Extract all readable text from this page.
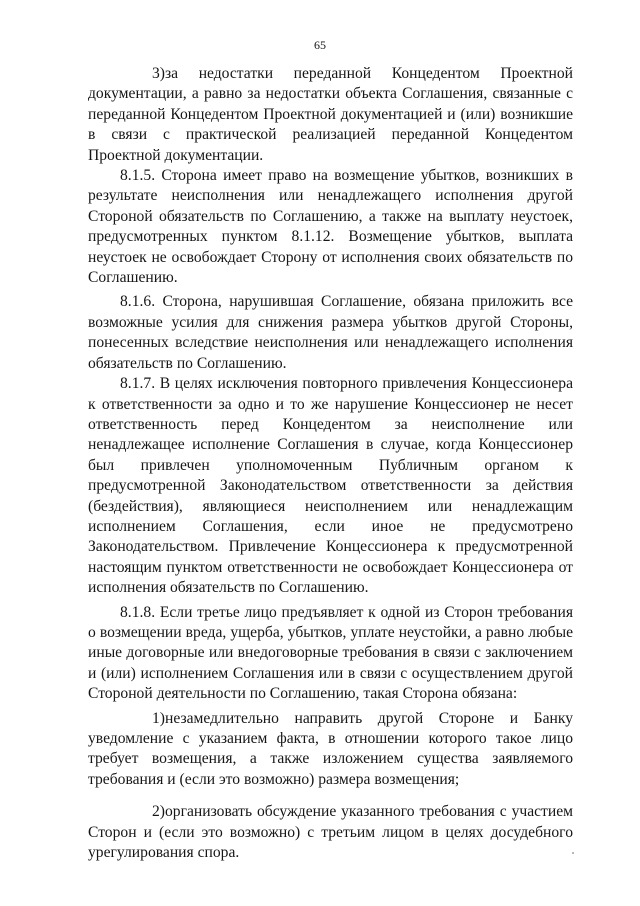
65

3)за недостатки переданной Концедентом Проектной документации, а равно за недостатки объекта Соглашения, связанные с переданной Концедентом Проектной документацией и (или) возникшие в связи с практической реализацией переданной Концедентом Проектной документации.

8.1.5. Сторона имеет право на возмещение убытков, возникших в результате неисполнения или ненадлежащего исполнения другой Стороной обязательств по Соглашению, а также на выплату неустоек, предусмотренных пунктом 8.1.12. Возмещение убытков, выплата неустоек не освобождает Сторону от исполнения своих обязательств по Соглашению.

8.1.6. Сторона, нарушившая Соглашение, обязана приложить все возможные усилия для снижения размера убытков другой Стороны, понесенных вследствие неисполнения или ненадлежащего исполнения обязательств по Соглашению.

8.1.7. В целях исключения повторного привлечения Концессионера к ответственности за одно и то же нарушение Концессионер не несет ответственность перед Концедентом за неисполнение или ненадлежащее исполнение Соглашения в случае, когда Концессионер был привлечен уполномоченным Публичным органом к предусмотренной Законодательством ответственности за действия (бездействия), являющиеся неисполнением или ненадлежащим исполнением Соглашения, если иное не предусмотрено Законодательством. Привлечение Концессионера к предусмотренной настоящим пунктом ответственности не освобождает Концессионера от исполнения обязательств по Соглашению.

8.1.8. Если третье лицо предъявляет к одной из Сторон требования о возмещении вреда, ущерба, убытков, уплате неустойки, а равно любые иные договорные или внедоговорные требования в связи с заключением и (или) исполнением Соглашения или в связи с осуществлением другой Стороной деятельности по Соглашению, такая Сторона обязана:

1)незамедлительно направить другой Стороне и Банку уведомление с указанием факта, в отношении которого такое лицо требует возмещения, а также изложением существа заявляемого требования и (если это возможно) размера возмещения;

2)организовать обсуждение указанного требования с участием Сторон и (если это возможно) с третьим лицом в целях досудебного урегулирования спора.
